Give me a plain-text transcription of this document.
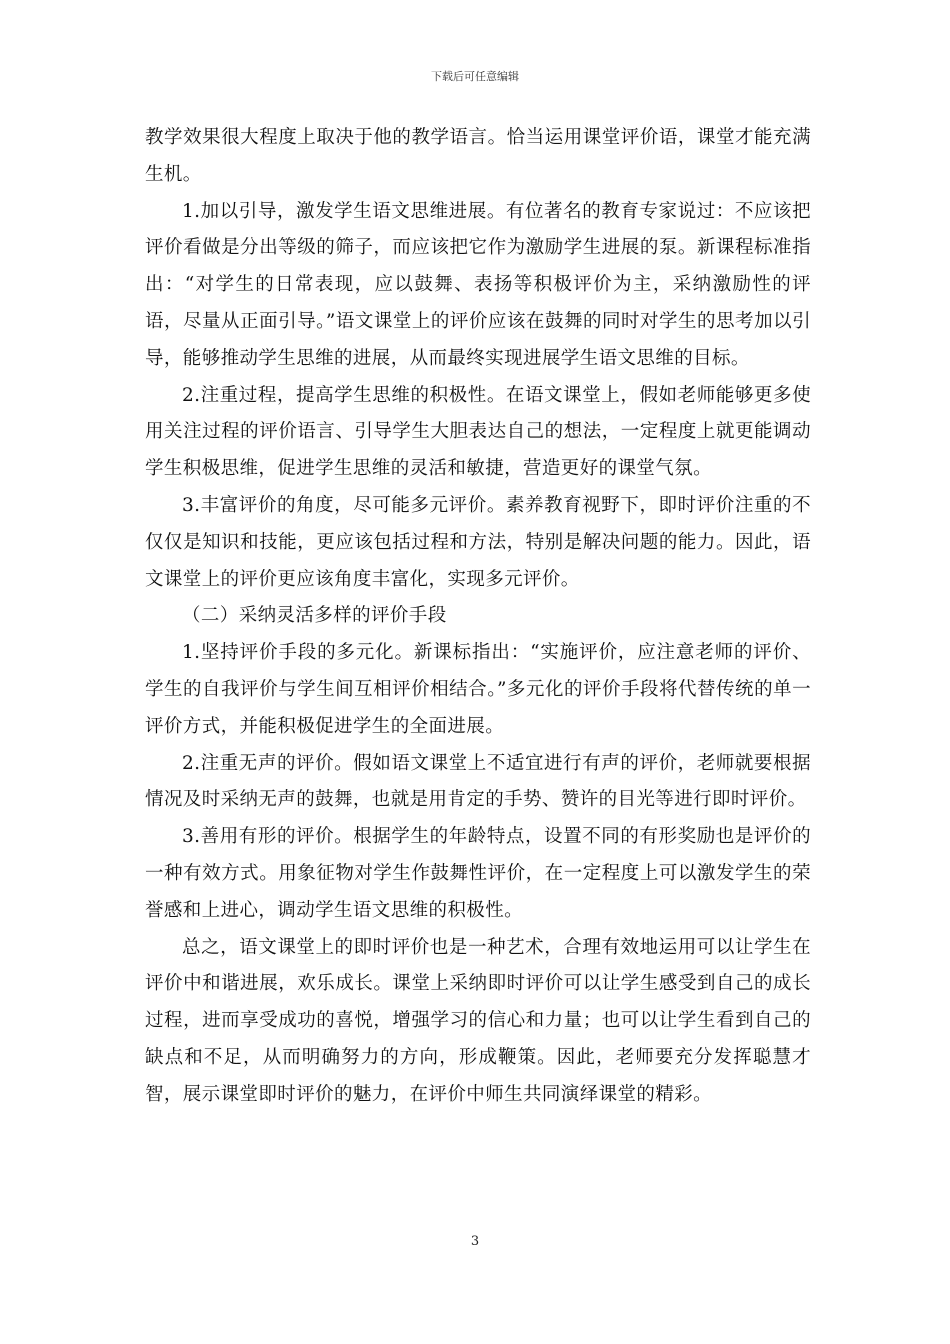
下载后可任意编辑

教学效果很大程度上取决于他的教学语言。恰当运用课堂评价语，课堂才能充满生机。

1.加以引导，激发学生语文思维进展。有位著名的教育专家说过：不应该把评价看做是分出等级的筛子，而应该把它作为激励学生进展的泵。新课程标准指出：“对学生的日常表现，应以鼓舞、表扬等积极评价为主，采纳激励性的评语，尽量从正面引导。”语文课堂上的评价应该在鼓舞的同时对学生的思考加以引导，能够推动学生思维的进展，从而最终实现进展学生语文思维的目标。

2.注重过程，提高学生思维的积极性。在语文课堂上，假如老师能够更多使用关注过程的评价语言、引导学生大胆表达自己的想法，一定程度上就更能调动学生积极思维，促进学生思维的灵活和敏捷，营造更好的课堂气氛。

3.丰富评价的角度，尽可能多元评价。素养教育视野下，即时评价注重的不仅仅是知识和技能，更应该包括过程和方法，特别是解决问题的能力。因此，语文课堂上的评价更应该角度丰富化，实现多元评价。

（二）采纳灵活多样的评价手段

1.坚持评价手段的多元化。新课标指出：“实施评价，应注意老师的评价、学生的自我评价与学生间互相评价相结合。”多元化的评价手段将代替传统的单一评价方式，并能积极促进学生的全面进展。

2.注重无声的评价。假如语文课堂上不适宜进行有声的评价，老师就要根据情况及时采纳无声的鼓舞，也就是用肯定的手势、赞许的目光等进行即时评价。

3.善用有形的评价。根据学生的年龄特点，设置不同的有形奖励也是评价的一种有效方式。用象征物对学生作鼓舞性评价，在一定程度上可以激发学生的荣誉感和上进心，调动学生语文思维的积极性。

总之，语文课堂上的即时评价也是一种艺术，合理有效地运用可以让学生在评价中和谐进展，欢乐成长。课堂上采纳即时评价可以让学生感受到自己的成长过程，进而享受成功的喜悦，增强学习的信心和力量；也可以让学生看到自己的缺点和不足，从而明确努力的方向，形成鞭策。因此，老师要充分发挥聪慧才智，展示课堂即时评价的魅力，在评价中师生共同演绎课堂的精彩。

3
